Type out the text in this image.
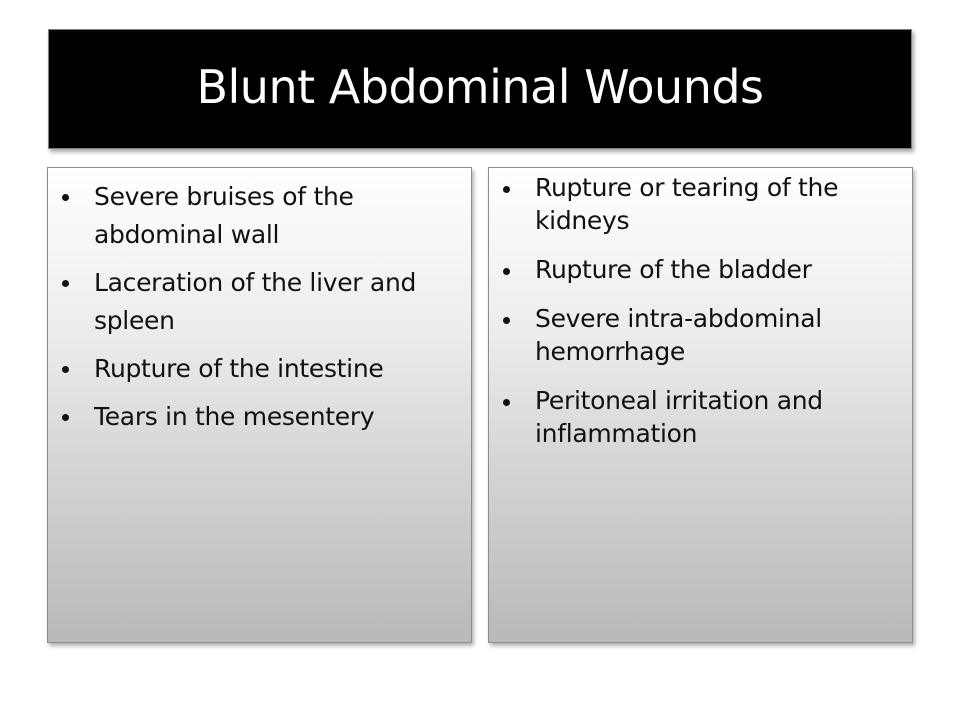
Blunt Abdominal Wounds
Severe bruises of the abdominal wall
Laceration of the liver and spleen
Rupture of the intestine
Tears in the mesentery
Rupture or tearing of the kidneys
Rupture of the bladder
Severe intra-abdominal hemorrhage
Peritoneal irritation and inflammation
